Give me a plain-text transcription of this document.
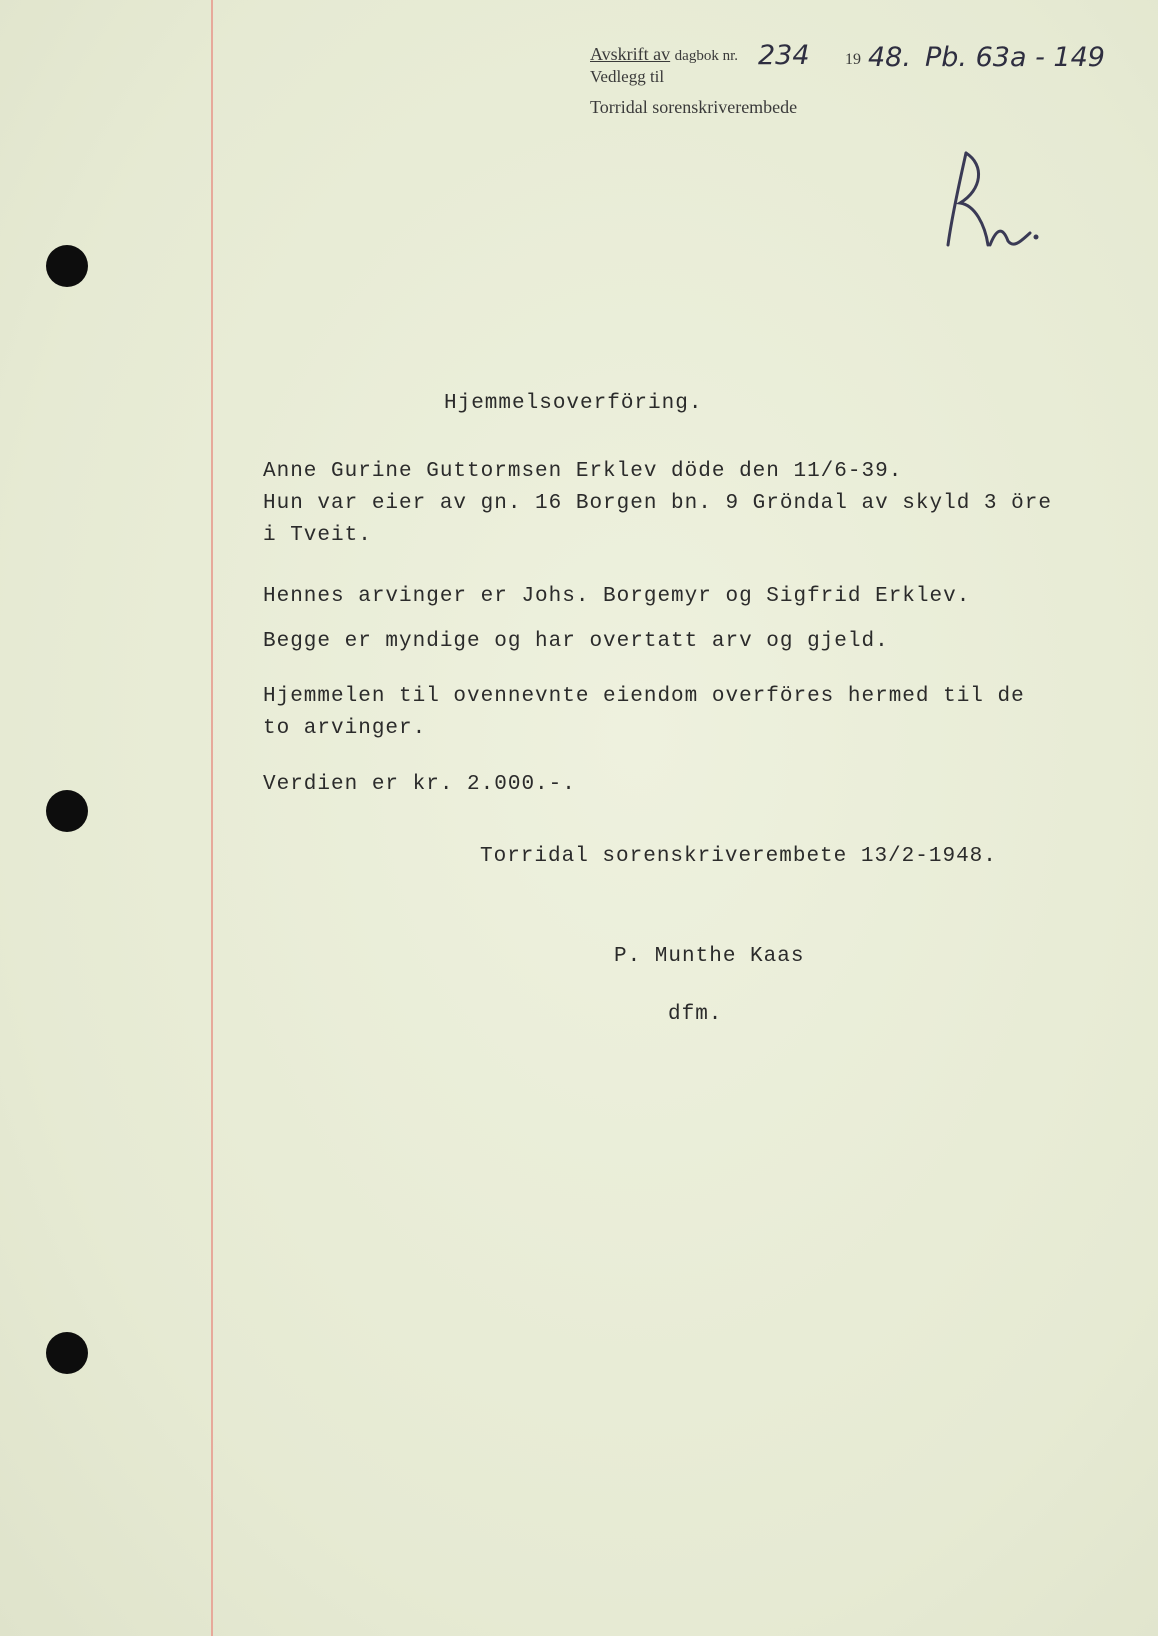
Avskrift av dagbok nr.
Vedlegg til
Torridal sorenskriverembede
234 19 48. Pb. 63a - 149
Hjemmelsoverföring.
Anne Gurine Guttormsen Erklev döde den 11/6-39.
Hun var eier av gn. 16 Borgen bn. 9 Gröndal av skyld 3 öre
i Tveit.
Hennes arvinger er Johs. Borgemyr og Sigfrid Erklev.
Begge er myndige og har overtatt arv og gjeld.
Hjemmelen til ovennevnte eiendom overföres hermed til de
to arvinger.
Verdien er kr. 2.000.-.
Torridal sorenskriverembete 13/2-1948.
P. Munthe Kaas
dfm.
